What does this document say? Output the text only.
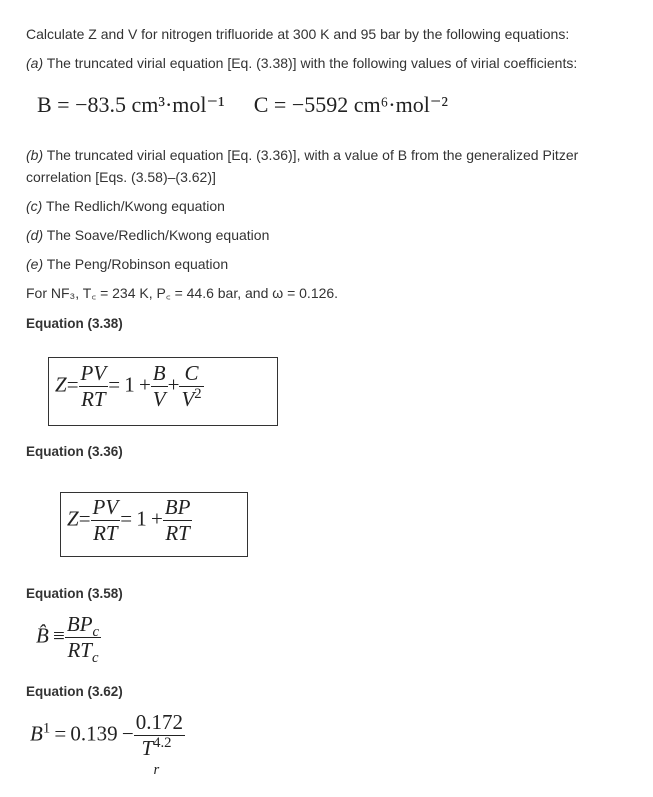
Calculate Z and V for nitrogen trifluoride at 300 K and 95 bar by the following equations:
(a) The truncated virial equation [Eq. (3.38)] with the following values of virial coefficients:
B = −83.5 cm³·mol⁻¹ C = −5592 cm⁶·mol⁻²
(b) The truncated virial equation [Eq. (3.36)], with a value of B from the generalized Pitzer
correlation [Eqs. (3.58)–(3.62)]
(c) The Redlich/Kwong equation
(d) The Soave/Redlich/Kwong equation
(e) The Peng/Robinson equation
For NF₃, T꜀ = 234 K, P꜀ = 44.6 bar, and ω = 0.126.
Equation (3.38)
$Z= \frac{PV}{RT} = 1 + \frac{B}{V} + \frac{C}{V^2}$
Equation (3.36)
$Z= \frac{PV}{RT} = 1 + \frac{BP}{RT}$
Equation (3.58)
B̂ ≡ $\frac{BP_c}{RT_c}$
Equation (3.62)
$B^1 = 0.139 - \frac{0.172}{T^{4.2}_r}$
